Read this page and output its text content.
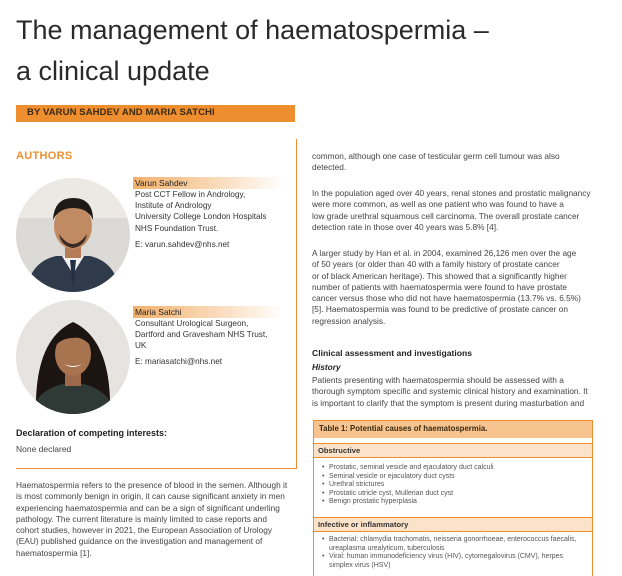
The management of haematospermia –
a clinical update
BY VARUN SAHDEV AND MARIA SATCHI
AUTHORS
Varun Sahdev
Post CCT Fellow in Andrology,
Institute of Andrology
University College London Hospitals
NHS Foundation Trust.
E: varun.sahdev@nhs.net
Maria Satchi
Consultant Urological Surgeon,
Dartford and Gravesham NHS Trust,
UK
E: mariasatchi@nhs.net
Declaration of competing interests:
None declared
Haematospermia refers to the presence of blood in the semen. Although it
is most commonly benign in origin, it can cause significant anxiety in men
experiencing haematospermia and can be a sign of significant underling
pathology. The current literature is mainly limited to case reports and
cohort studies, however in 2021, the European Association of Urology
(EAU) published guidance on the investigation and management of
haematospermia [1].
common, although one case of testicular germ cell tumour was also
detected.
In the population aged over 40 years, renal stones and prostatic malignancy
were more common, as well as one patient who was found to have a
low grade urethral squamous cell carcinoma. The overall prostate cancer
detection rate in those over 40 years was 5.8% [4].
A larger study by Han et al. in 2004, examined 26,126 men over the age
of 50 years (or older than 40 with a family history of prostate cancer
or of black American heritage). This showed that a significantly higher
number of patients with haematospermia were found to have prostate
cancer versus those who did not have haematospermia (13.7% vs. 6.5%)
[5]. Haematospermia was found to be predictive of prostate cancer on
regression analysis.
Clinical assessment and investigations
History
Patients presenting with haematospermia should be assessed with a
thorough symptom specific and systemic clinical history and examination. It
is important to clarify that the symptom is present during masturbation and
Table 1: Potential causes of haematospermia.
Obstructive
• Prostatic, seminal vesicle and ejaculatory duct calculi
• Seminal vesicle or ejaculatory duct cysts
• Urethral strictures
• Prostatic utricle cyst, Mullerian duct cyst
• Benign prostatic hyperplasia
Infective or inflammatory
• Bacterial: chlamydia trachomatis, neisseria gonorrhoeae, enterococcus faecalis, ureaplasma urealyticum, tuberculosis
• Viral: human immunodeficiency virus (HIV), cytomegalovirus (CMV), herpes simplex virus (HSV)
